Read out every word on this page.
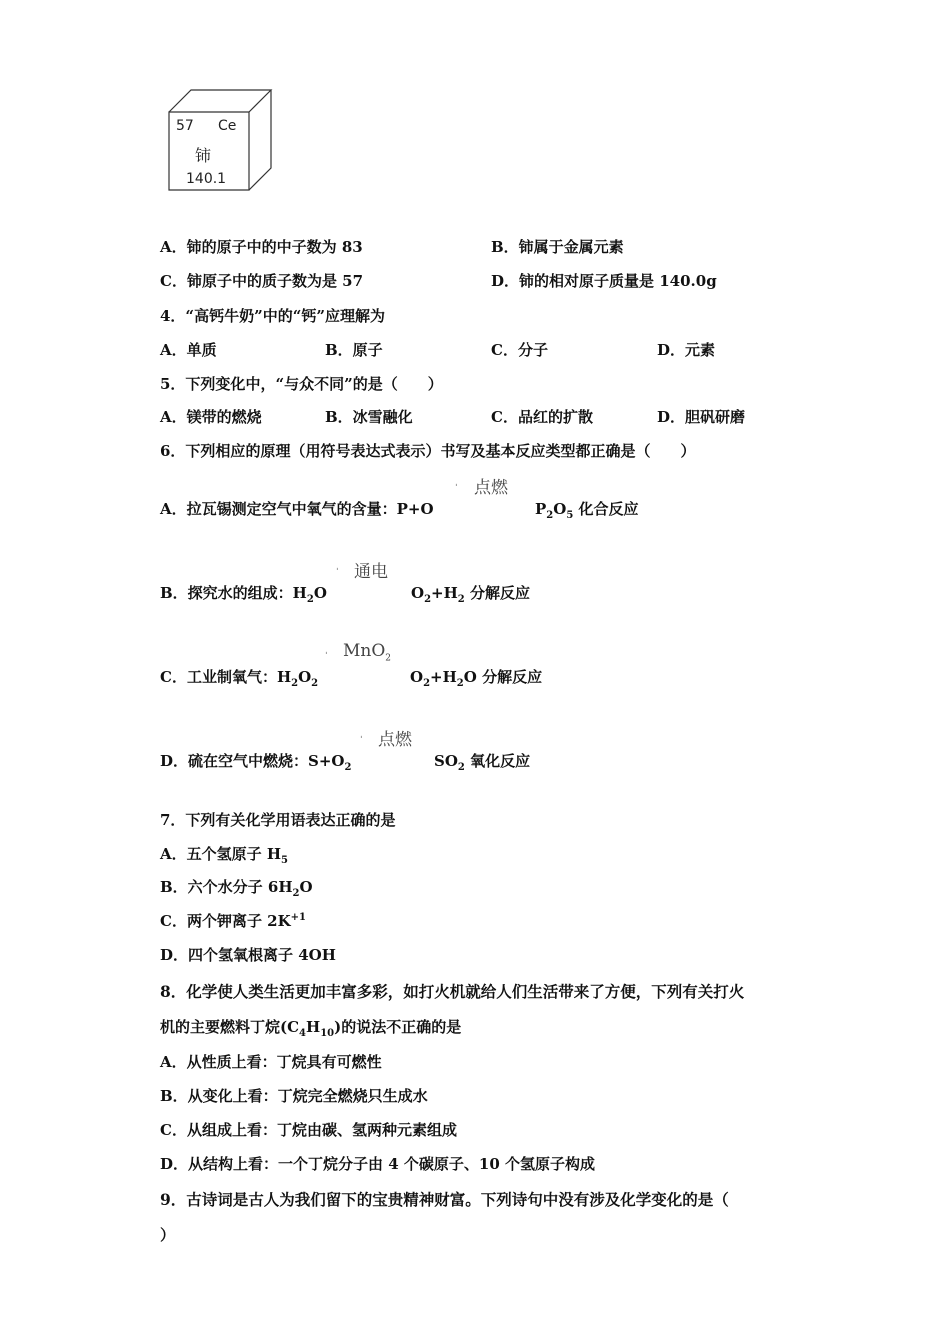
57 Ce
铈
140.1
A．铈的原子中的中子数为 83	B．铈属于金属元素
C．铈原子中的质子数为是 57	D．铈的相对原子质量是 140.0g
4．“高钙牛奶”中的“钙”应理解为
A．单质	B．原子	C．分子	D．元素
5．下列变化中，“与众不同”的是（　　）
A．镁带的燃烧	B．冰雪融化	C．品红的扩散	D．胆矾研磨
6．下列相应的原理（用符号表达式表示）书写及基本反应类型都正确是（　　）
ˌ 点燃
A．拉瓦锡测定空气中氧气的含量：P+O	$P_2O_5$ 化合反应
ˌ 通电
B．探究水的组成：$H_2O$	$O_2+H_2$ 分解反应
ˌ MnO$_2$
C．工业制氧气：$H_2O_2$	$O_2+H_2O$ 分解反应
ˌ 点燃
D．硫在空气中燃烧：$S+O_2$	$SO_2$ 氧化反应
7．下列有关化学用语表达正确的是
A．五个氢原子 $H_5$
B．六个水分子 $6H_2O$
C．两个钾离子 $2K^{+1}$
D．四个氢氧根离子 4OH
8．化学使人类生活更加丰富多彩，如打火机就给人们生活带来了方便，下列有关打火
机的主要燃料丁烷$(C_4H_{10})$的说法不正确的是
A．从性质上看：丁烷具有可燃性
B．从变化上看：丁烷完全燃烧只生成水
C．从组成上看：丁烷由碳、氢两种元素组成
D．从结构上看：一个丁烷分子由 4 个碳原子、10 个氢原子构成
9．古诗词是古人为我们留下的宝贵精神财富。下列诗句中没有涉及化学变化的是（
）
